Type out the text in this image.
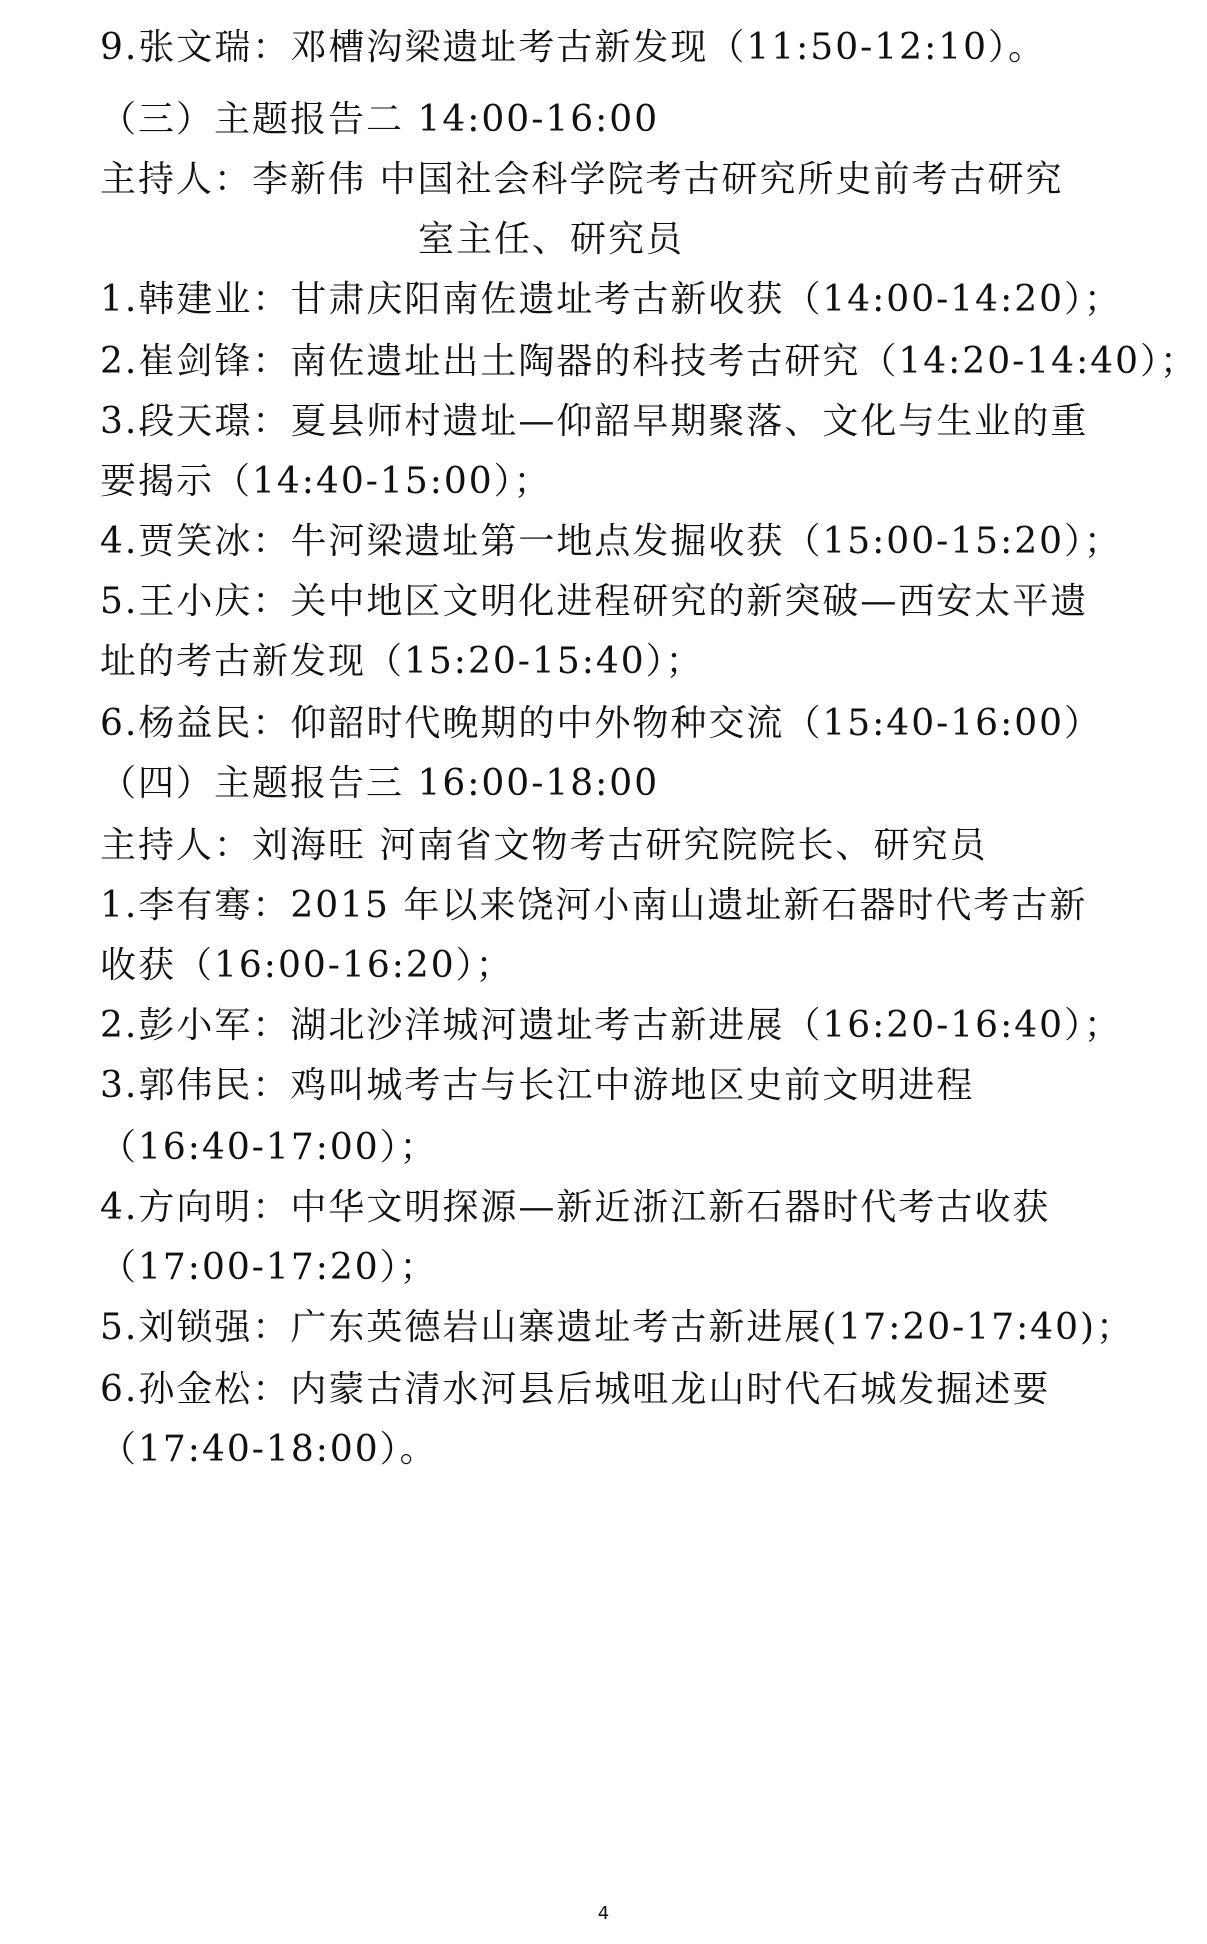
9.张文瑞：邓槽沟梁遗址考古新发现（11:50-12:10）。
（三）主题报告二 14:00-16:00
主持人：李新伟 中国社会科学院考古研究所史前考古研究
室主任、研究员
1.韩建业：甘肃庆阳南佐遗址考古新收获（14:00-14:20）；
2.崔剑锋：南佐遗址出土陶器的科技考古研究（14:20-14:40）；
3.段天璟：夏县师村遗址—仰韶早期聚落、文化与生业的重
要揭示（14:40-15:00）；
4.贾笑冰：牛河梁遗址第一地点发掘收获（15:00-15:20）；
5.王小庆：关中地区文明化进程研究的新突破—西安太平遗
址的考古新发现（15:20-15:40）；
6.杨益民：仰韶时代晚期的中外物种交流（15:40-16:00）
（四）主题报告三 16:00-18:00
主持人：刘海旺 河南省文物考古研究院院长、研究员
1.李有骞：2015 年以来饶河小南山遗址新石器时代考古新
收获（16:00-16:20）；
2.彭小军：湖北沙洋城河遗址考古新进展（16:20-16:40）；
3.郭伟民：鸡叫城考古与长江中游地区史前文明进程
（16:40-17:00）；
4.方向明：中华文明探源—新近浙江新石器时代考古收获
（17:00-17:20）；
5.刘锁强：广东英德岩山寨遗址考古新进展(17:20-17:40)；
6.孙金松：内蒙古清水河县后城咀龙山时代石城发掘述要
（17:40-18:00）。
4
